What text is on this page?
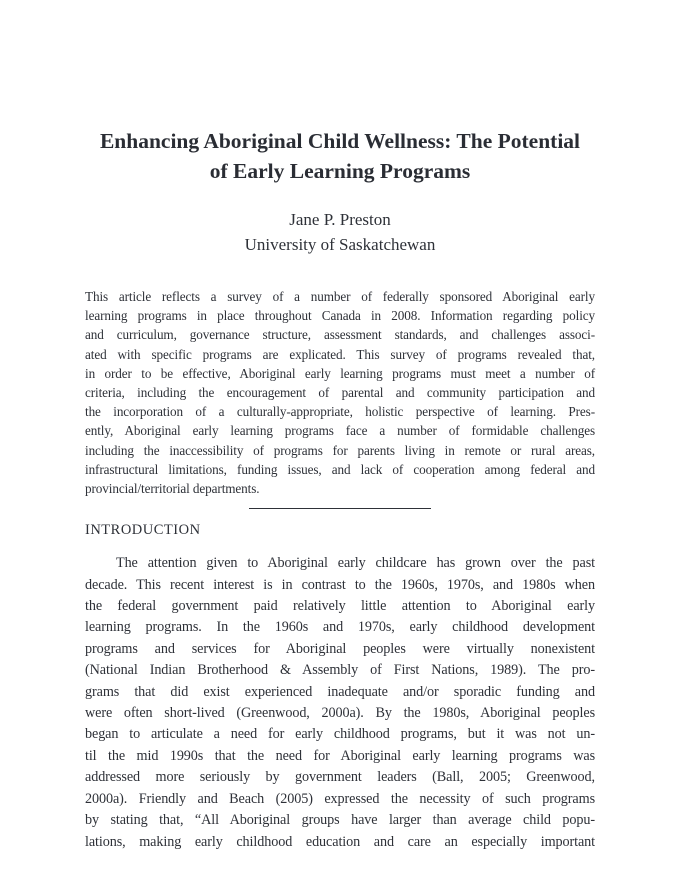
Enhancing Aboriginal Child Wellness: The Potential
of Early Learning Programs
Jane P. Preston
University of Saskatchewan
This article reflects a survey of a number of federally sponsored Aboriginal early
learning programs in place throughout Canada in 2008. Information regarding policy
and curriculum, governance structure, assessment standards, and challenges associ-
ated with specific programs are explicated. This survey of programs revealed that,
in order to be effective, Aboriginal early learning programs must meet a number of
criteria, including the encouragement of parental and community participation and
the incorporation of a culturally-appropriate, holistic perspective of learning. Pres-
ently, Aboriginal early learning programs face a number of formidable challenges
including the inaccessibility of programs for parents living in remote or rural areas,
infrastructural limitations, funding issues, and lack of cooperation among federal and
provincial/territorial departments.
INTRODUCTION
The attention given to Aboriginal early childcare has grown over the past
decade. This recent interest is in contrast to the 1960s, 1970s, and 1980s when
the federal government paid relatively little attention to Aboriginal early
learning programs. In the 1960s and 1970s, early childhood development
programs and services for Aboriginal peoples were virtually nonexistent
(National Indian Brotherhood & Assembly of First Nations, 1989). The pro-
grams that did exist experienced inadequate and/or sporadic funding and
were often short-lived (Greenwood, 2000a). By the 1980s, Aboriginal peoples
began to articulate a need for early childhood programs, but it was not un-
til the mid 1990s that the need for Aboriginal early learning programs was
addressed more seriously by government leaders (Ball, 2005; Greenwood,
2000a). Friendly and Beach (2005) expressed the necessity of such programs
by stating that, “All Aboriginal groups have larger than average child popu-
lations, making early childhood education and care an especially important
